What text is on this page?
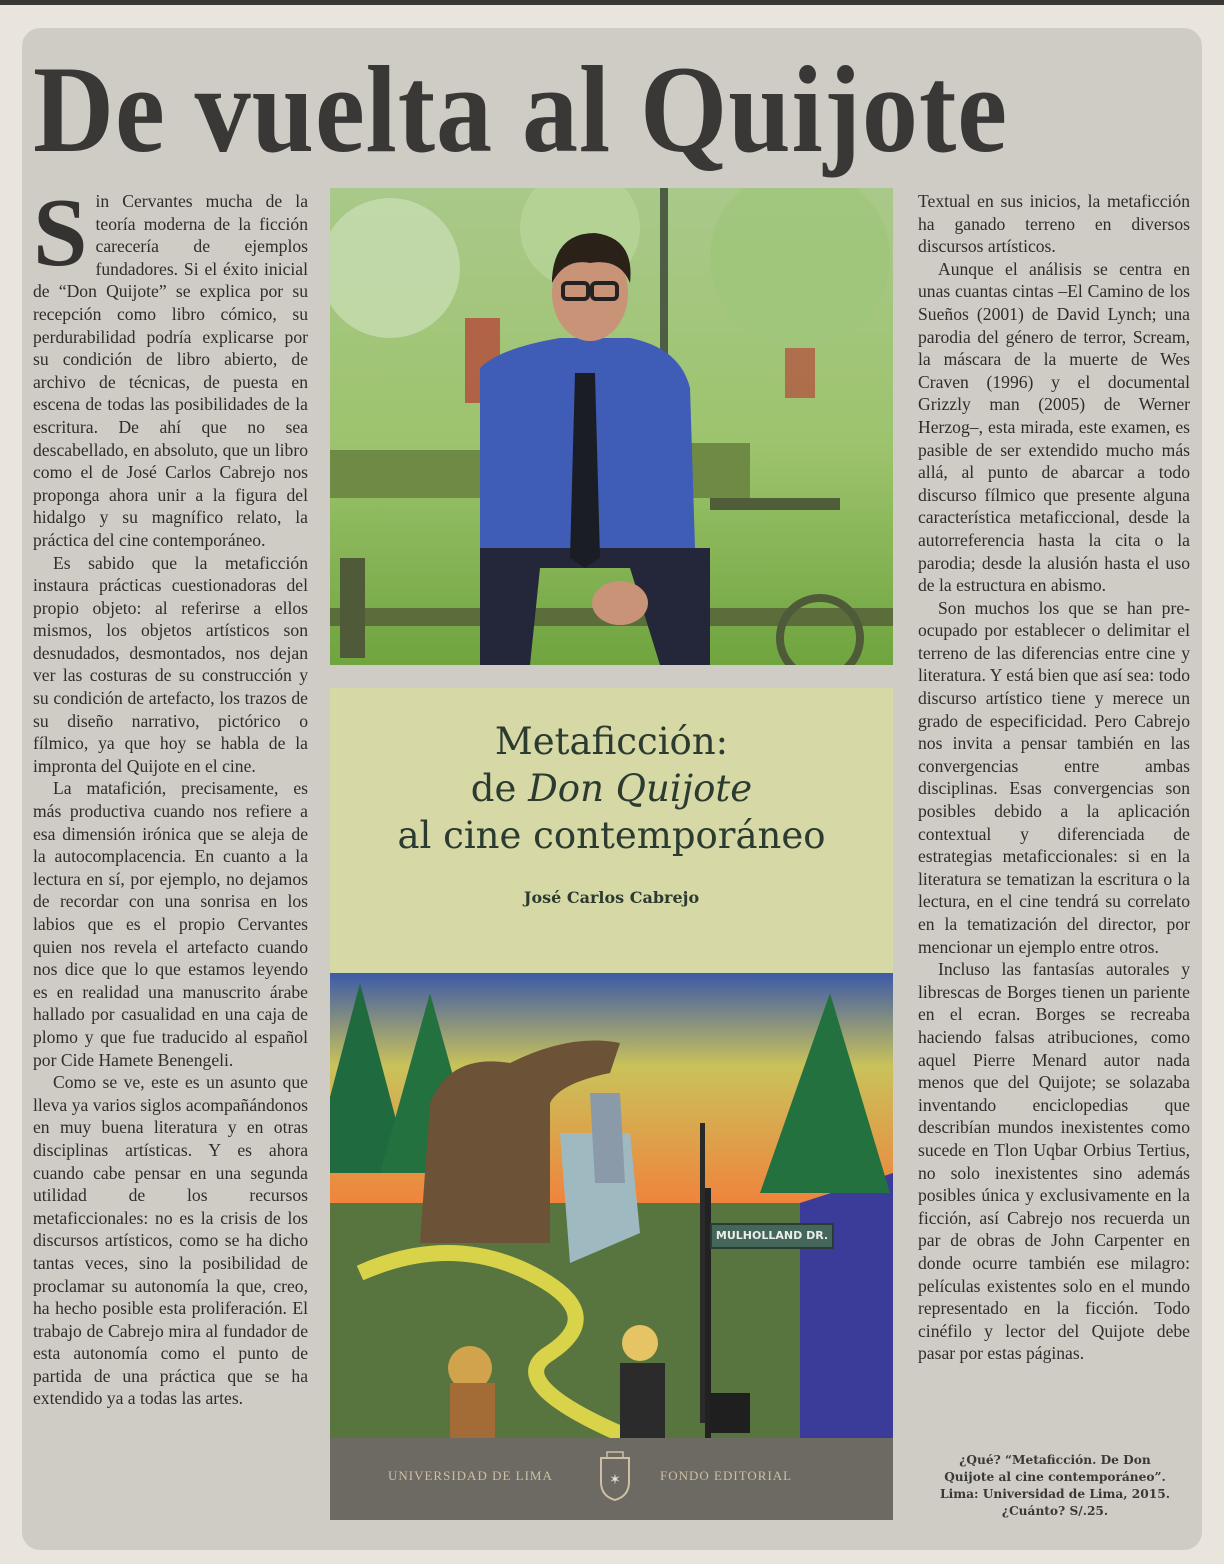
De vuelta al Quijote

Sin Cervantes mucha de la teoría moderna de la ficción carecería de ejemplos fundadores. Si el éxito inicial de “Don Quijote” se explica por su recepción como libro cómico, su perdurabilidad podría explicarse por su condición de libro abierto, de archivo de técnicas, de puesta en escena de todas las posibilidades de la escritura. De ahí que no sea descabellado, en absoluto, que un libro como el de José Carlos Cabrejo nos proponga ahora unir a la figura del hidalgo y su magnífico relato, la práctica del cine contemporáneo.

Es sabido que la metaficción instaura prácticas cuestionadoras del propio objeto: al referirse a ellos mismos, los objetos artísticos son desnudados, desmontados, nos dejan ver las costuras de su construcción y su condición de artefacto, los trazos de su diseño narrativo, pictórico o fílmico, ya que hoy se habla de la impronta del Quijote en el cine.

La matafición, precisamente, es más productiva cuando nos refiere a esa dimensión irónica que se aleja de la autocomplacencia. En cuanto a la lectura en sí, por ejemplo, no dejamos de recordar con una sonrisa en los labios que es el propio Cervantes quien nos revela el artefacto cuando nos dice que lo que estamos leyendo es en realidad una manuscrito árabe hallado por casualidad en una caja de plomo y que fue traducido al español por Cide Hamete Benengeli.

Como se ve, este es un asunto que lleva ya varios siglos acompañándonos en muy buena literatura y en otras disciplinas artísticas. Y es ahora cuando cabe pensar en una segunda utilidad de los recursos metaficcionales: no es la crisis de los discursos artísticos, como se ha dicho tantas veces, sino la posibilidad de proclamar su autonomía la que, creo, ha hecho posible esta proliferación. El trabajo de Cabrejo mira al fundador de esta autonomía como el punto de partida de una práctica que se ha extendido ya a todas las artes.

Metaficción:
de Don Quijote
al cine contemporáneo
José Carlos Cabrejo
MULHOLLAND DR.
UNIVERSIDAD DE LIMA	✶	FONDO EDITORIAL

Textual en sus inicios, la metaficción ha ganado terreno en diversos discursos artísticos.

Aunque el análisis se centra en unas cuantas cintas –El Camino de los Sueños (2001) de David Lynch; una parodia del género de terror, Scream, la máscara de la muerte de Wes Craven (1996) y el documental Grizzly man (2005) de Werner Herzog–, esta mirada, este examen, es pasible de ser extendido mucho más allá, al punto de abarcar a todo discurso fílmico que presente alguna característica metaficcional, desde la autorreferencia hasta la cita o la parodia; desde la alusión hasta el uso de la estructura en abismo.

Son muchos los que se han preocupado por establecer o delimitar el terreno de las diferencias entre cine y literatura. Y está bien que así sea: todo discurso artístico tiene y merece un grado de especificidad. Pero Cabrejo nos invita a pensar también en las convergencias entre ambas disciplinas. Esas convergencias son posibles debido a la aplicación contextual y diferenciada de estrategias metaficcionales: si en la literatura se tematizan la escritura o la lectura, en el cine tendrá su correlato en la tematización del director, por mencionar un ejemplo entre otros.

Incluso las fantasías autorales y librescas de Borges tienen un pariente en el ecran. Borges se recreaba haciendo falsas atribuciones, como aquel Pierre Menard autor nada menos que del Quijote; se solazaba inventando enciclopedias que describían mundos inexistentes como sucede en Tlon Uqbar Orbius Tertius, no solo inexistentes sino además posibles única y exclusivamente en la ficción, así Cabrejo nos recuerda un par de obras de John Carpenter en donde ocurre también ese milagro: películas existentes solo en el mundo representado en la ficción. Todo cinéfilo y lector del Quijote debe pasar por estas páginas.

¿Qué? “Metaficción. De Don
Quijote al cine contemporáneo”.
Lima: Universidad de Lima, 2015.
¿Cuánto? S/.25.
